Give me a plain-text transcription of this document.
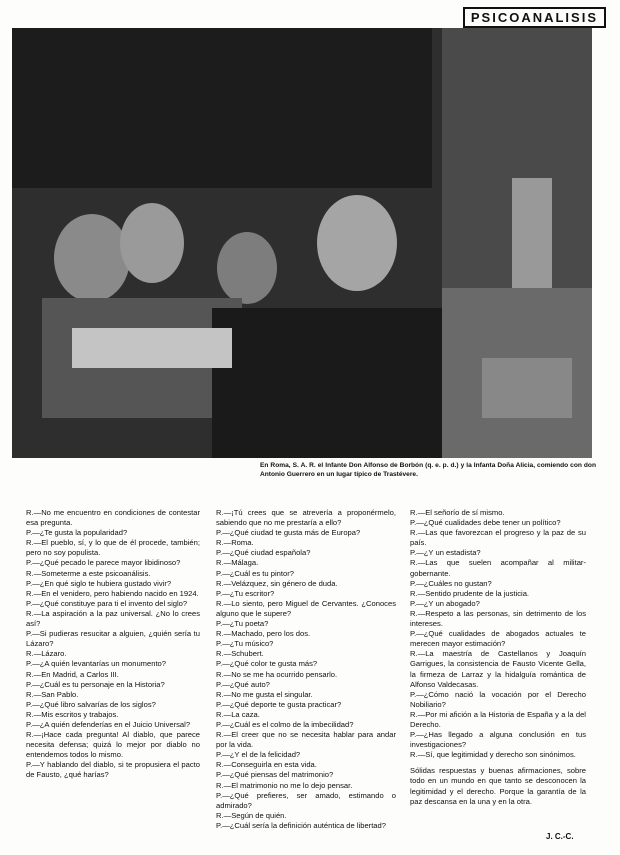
PSICOANALISIS
En Roma, S. A. R. el Infante Don Alfonso de Borbón (q. e. p. d.) y la Infanta Doña Alicia, comiendo con don Antonio Guerrero en un lugar típico de Trastévere.

R.—No me encuentro en condiciones de contestar esa pregunta.

P.—¿Te gusta la popularidad?

R.—El pueblo, sí, y lo que de él procede, también; pero no soy populista.

P.—¿Qué pecado le parece mayor libidinoso?

R.—Someterme a este psicoanálisis.

P.—¿En qué siglo te hubiera gustado vivir?

R.—En el venidero, pero habiendo nacido en 1924.

P.—¿Qué constituye para ti el invento del siglo?

R.—La aspiración a la paz universal. ¿No lo crees así?

P.—Si pudieras resucitar a alguien, ¿quién sería tu Lázaro?

R.—Lázaro.

P.—¿A quién levantarías un monumento?

R.—En Madrid, a Carlos III.

P.—¿Cuál es tu personaje en la Historia?

R.—San Pablo.

P.—¿Qué libro salvarías de los siglos?

R.—Mis escritos y trabajos.

P.—¿A quién defenderías en el Juicio Universal?

R.—¡Hace cada pregunta! Al diablo, que parece necesita defensa; quizá lo mejor por diablo no entendemos todos lo mismo.

P.—Y hablando del diablo, si te propusiera el pacto de Fausto, ¿qué harías?

R.—¡Tú crees que se atrevería a proponérmelo, sabiendo que no me prestaría a ello?

P.—¿Qué ciudad te gusta más de Europa?

R.—Roma.

P.—¿Qué ciudad española?

R.—Málaga.

P.—¿Cuál es tu pintor?

R.—Velázquez, sin género de duda.

P.—¿Tu escritor?

R.—Lo siento, pero Miguel de Cervantes. ¿Conoces alguno que le supere?

P.—¿Tu poeta?

R.—Machado, pero los dos.

P.—¿Tu músico?

R.—Schubert.

P.—¿Qué color te gusta más?

R.—No se me ha ocurrido pensarlo.

P.—¿Qué auto?

R.—No me gusta el singular.

P.—¿Qué deporte te gusta practicar?

R.—La caza.

P.—¿Cuál es el colmo de la imbecilidad?

R.—El creer que no se necesita hablar para andar por la vida.

P.—¿Y el de la felicidad?

R.—Conseguirla en esta vida.

P.—¿Qué piensas del matrimonio?

R.—El matrimonio no me lo dejo pensar.

P.—¿Qué prefieres, ser amado, estimando o admirado?

R.—Según de quién.

P.—¿Cuál sería la definición auténtica de libertad?

R.—El señorío de sí mismo.

P.—¿Qué cualidades debe tener un político?

R.—Las que favorezcan el progreso y la paz de su país.

P.—¿Y un estadista?

R.—Las que suelen acompañar al militar-gobernante.

P.—¿Cuáles no gustan?

R.—Sentido prudente de la justicia.

P.—¿Y un abogado?

R.—Respeto a las personas, sin detrimento de los intereses.

P.—¿Qué cualidades de abogados actuales te merecen mayor estimación?

R.—La maestría de Castellanos y Joaquín Garrigues, la consistencia de Fausto Vicente Gella, la firmeza de Larraz y la hidalguía romántica de Alfonso Valdecasas.

P.—¿Cómo nació la vocación por el Derecho Nobiliario?

R.—Por mi afición a la Historia de España y a la del Derecho.

P.—¿Has llegado a alguna conclusión en tus investigaciones?

R.—Sí, que legitimidad y derecho son sinónimos.

Sólidas respuestas y buenas afirmaciones, sobre todo en un mundo en que tanto se desconocen la legitimidad y el derecho. Porque la garantía de la paz descansa en la una y en la otra.

J. C.-C.
